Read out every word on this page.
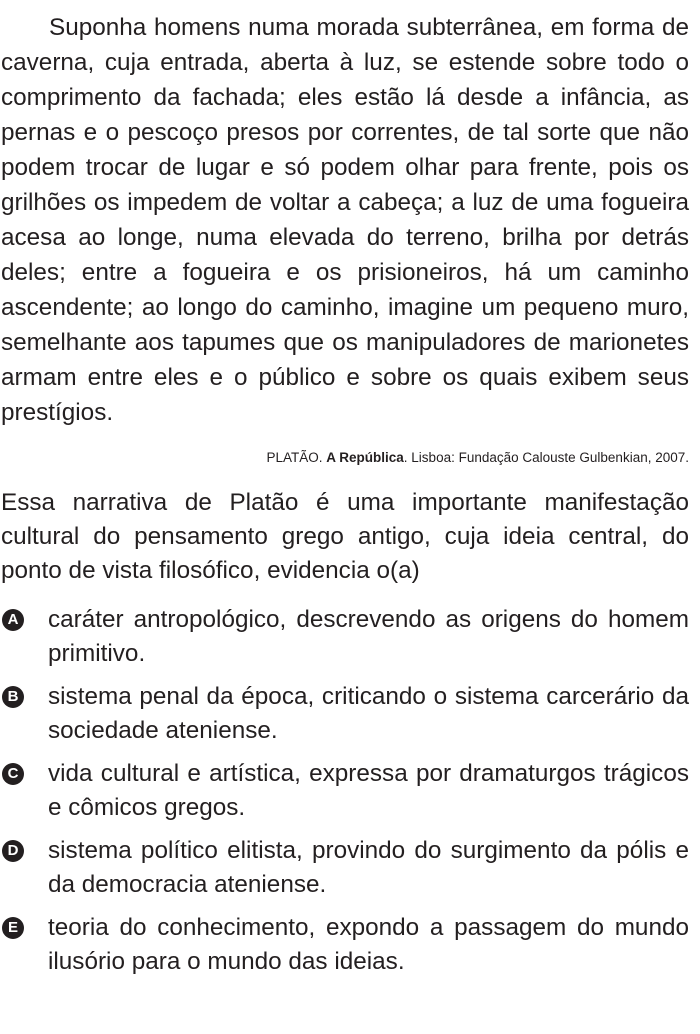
Suponha homens numa morada subterrânea, em forma de caverna, cuja entrada, aberta à luz, se estende sobre todo o comprimento da fachada; eles estão lá desde a infância, as pernas e o pescoço presos por correntes, de tal sorte que não podem trocar de lugar e só podem olhar para frente, pois os grilhões os impedem de voltar a cabeça; a luz de uma fogueira acesa ao longe, numa elevada do terreno, brilha por detrás deles; entre a fogueira e os prisioneiros, há um caminho ascendente; ao longo do caminho, imagine um pequeno muro, semelhante aos tapumes que os manipuladores de marionetes armam entre eles e o público e sobre os quais exibem seus prestígios.

PLATÃO. A República. Lisboa: Fundação Calouste Gulbenkian, 2007.

Essa narrativa de Platão é uma importante manifestação cultural do pensamento grego antigo, cuja ideia central, do ponto de vista filosófico, evidencia o(a)

A caráter antropológico, descrevendo as origens do homem primitivo.
B sistema penal da época, criticando o sistema carcerário da sociedade ateniense.
C vida cultural e artística, expressa por dramaturgos trágicos e cômicos gregos.
D sistema político elitista, provindo do surgimento da pólis e da democracia ateniense.
E teoria do conhecimento, expondo a passagem do mundo ilusório para o mundo das ideias.
